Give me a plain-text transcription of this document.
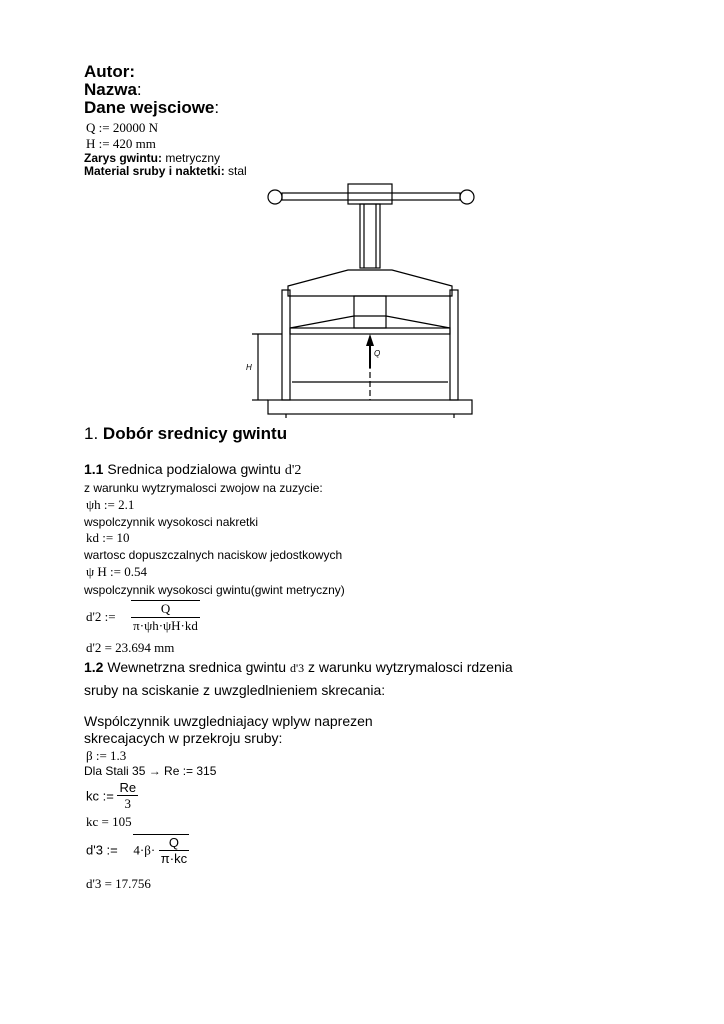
Autor:
Nazwa:
Dane wejsciowe:
Q := 20000 N
H := 420 mm
Zarys gwintu: metryczny
Material sruby i naktetki: stal
Q
H
1. Dobór srednicy gwintu
1.1 Srednica podzialowa gwintu d'2
z warunku wytzrymalosci zwojow na zuzycie:
ψh := 2.1
wspolczynnik wysokosci nakretki
kd := 10
wartosc dopuszczalnych naciskow jedostkowych
ψ H := 0.54
wspolczynnik wysokosci gwintu(gwint metryczny)
d'2 := $\frac{Q}{\pi\cdot\psi h\cdot\psi H\cdot kd}$
d'2 = 23.694 mm
1.2 Wewnetrzna srednica gwintu d'3 z warunku wytzrymalosci rdzenia
sruby na sciskanie z uwzgledlnieniem skrecania:
Wspólczynnik uwzgledniajacy wplyw naprezen
skrecajacych w przekroju sruby:
β := 1.3
Dla Stali 35 → Re := 315
kc := $\frac{Re}{3}$
kc = 105
d'3 := $4\cdot\beta\cdot \frac{Q}{\pi\cdot kc}$
d'3 = 17.756
